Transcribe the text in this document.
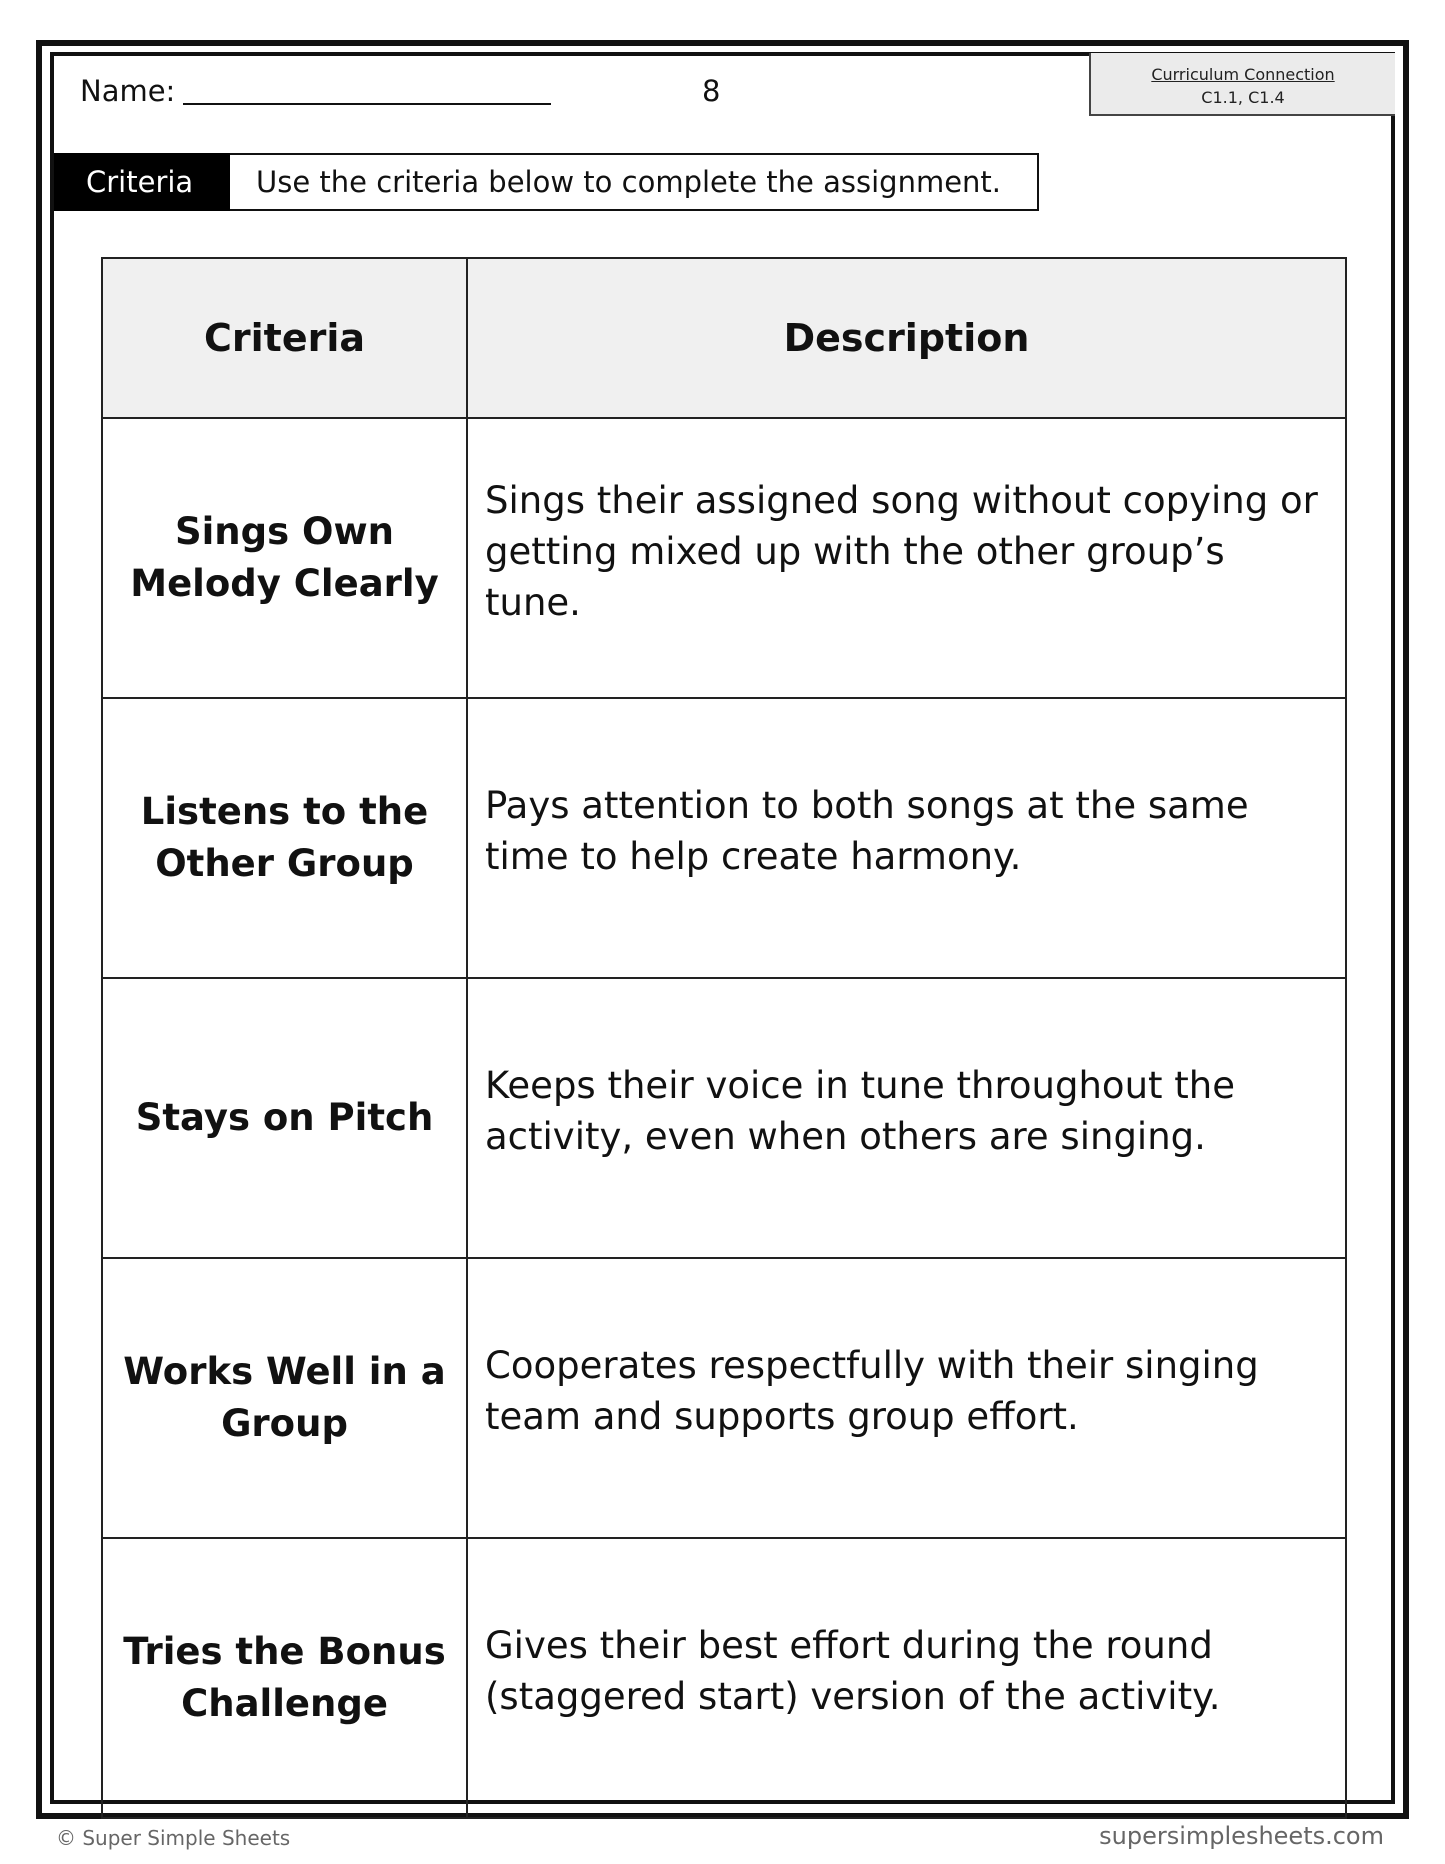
Name:	8	Curriculum Connection
C1.1, C1.4
Criteria	Use the criteria below to complete the assignment.
Criteria	Description
Sings Own Melody Clearly	Sings their assigned song without copying or getting mixed up with the other group’s tune.
Listens to the Other Group	Pays attention to both songs at the same time to help create harmony.
Stays on Pitch	Keeps their voice in tune throughout the activity, even when others are singing.
Works Well in a Group	Cooperates respectfully with their singing team and supports group effort.
Tries the Bonus Challenge	Gives their best effort during the round (staggered start) version of the activity.
© Super Simple Sheets	supersimplesheets.com
